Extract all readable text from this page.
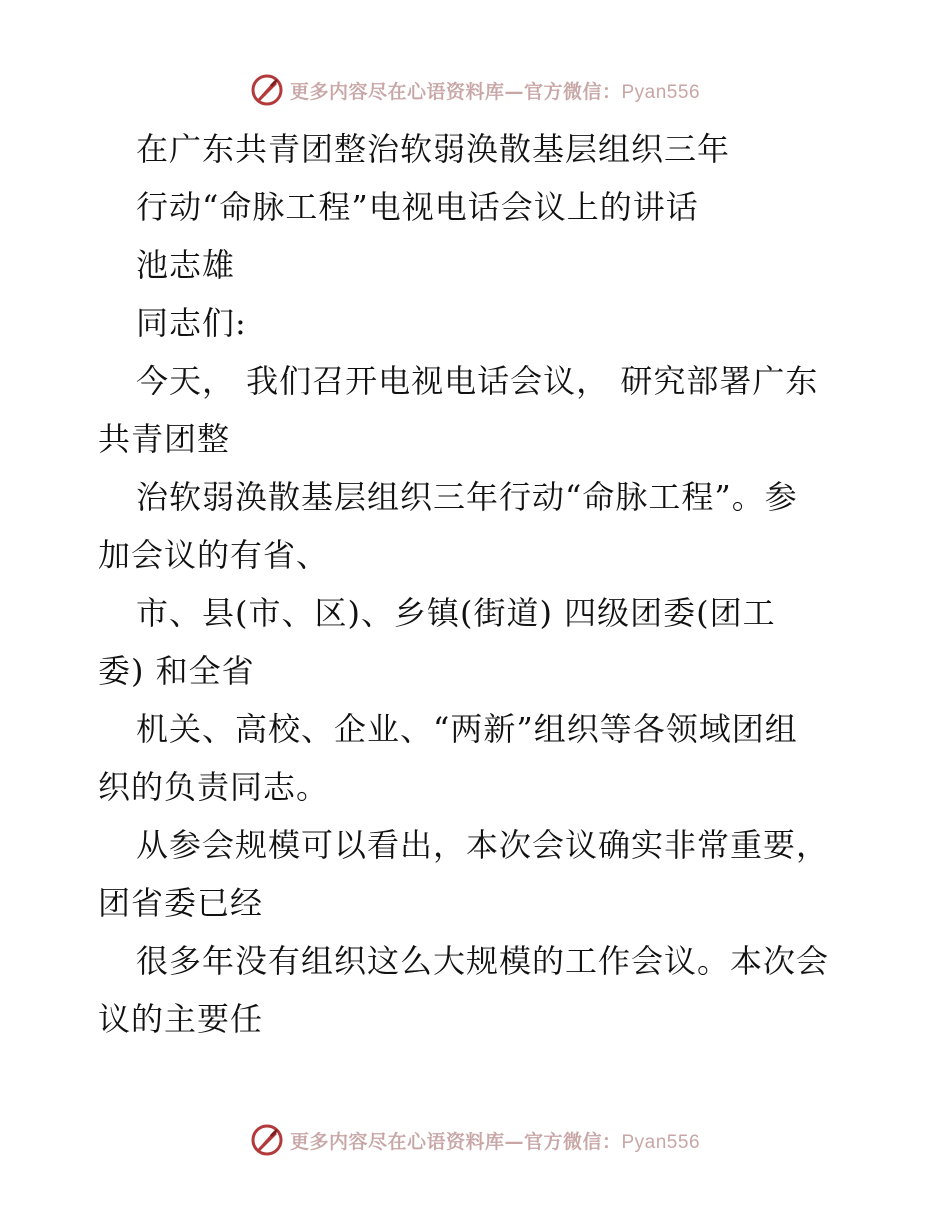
更多内容尽在心语资料库—官方微信：Pyan556
在广东共青团整治软弱涣散基层组织三年
行动“命脉工程”电视电话会议上的讲话
池志雄
同志们:
今天， 我们召开电视电话会议， 研究部署广东
共青团整
治软弱涣散基层组织三年行动“命脉工程”。参
加会议的有省、
市、县(市、区)、乡镇(街道) 四级团委(团工
委) 和全省
机关、高校、企业、“两新”组织等各领域团组
织的负责同志。
从参会规模可以看出，本次会议确实非常重要，
团省委已经
很多年没有组织这么大规模的工作会议。本次会
议的主要任
更多内容尽在心语资料库—官方微信：Pyan556
